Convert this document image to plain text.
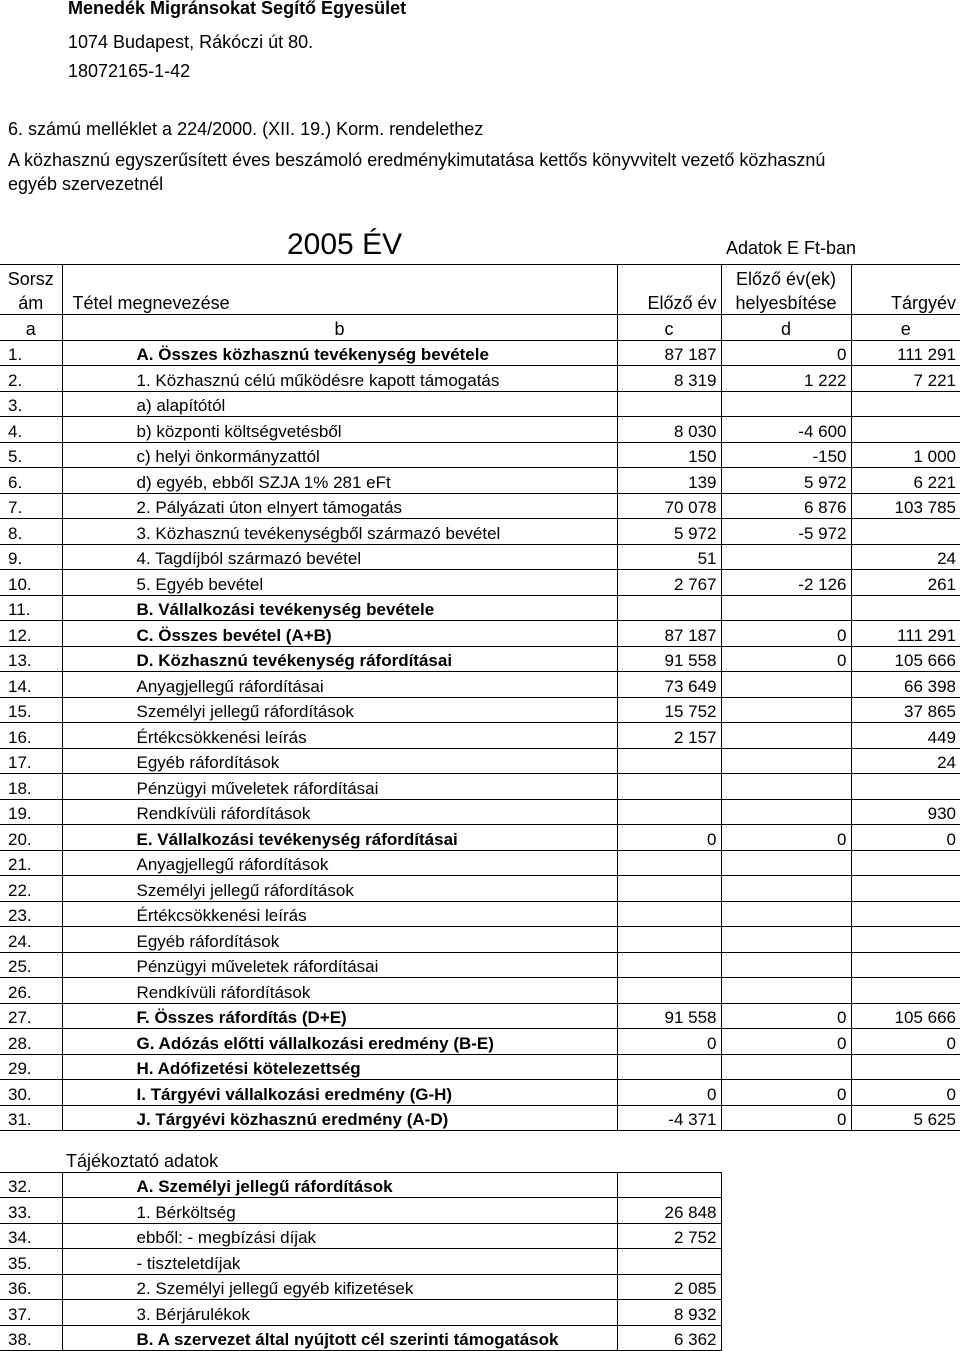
Menedék Migránsokat Segítő Egyesület
1074 Budapest, Rákóczi út 80.
18072165-1-42
6. számú melléklet a 224/2000. (XII. 19.) Korm. rendelethez
A közhasznú egyszerűsített éves beszámoló eredménykimutatása kettős könyvvitelt vezető közhasznú
egyéb szervezetnél
2005 ÉV	Adatok E Ft-ban
Sorsz			Előző év(ek)	
ám	Tétel megnevezése	Előző év	helyesbítése	Tárgyév
a	b	c	d	e
1.	A. Összes közhasznú tevékenység bevétele	87 187	0	111 291
2.	1. Közhasznú célú működésre kapott támogatás	8 319	1 222	7 221
3.	a) alapítótól			
4.	b) központi költségvetésből	8 030	-4 600	
5.	c) helyi önkormányzattól	150	-150	1 000
6.	d) egyéb, ebből SZJA 1% 281 eFt	139	5 972	6 221
7.	2. Pályázati úton elnyert támogatás	70 078	6 876	103 785
8.	3. Közhasznú tevékenységből származó bevétel	5 972	-5 972	
9.	4. Tagdíjból származó bevétel	51		24
10.	5. Egyéb bevétel	2 767	-2 126	261
11.	B. Vállalkozási tevékenység bevétele			
12.	C. Összes bevétel (A+B)	87 187	0	111 291
13.	D. Közhasznú tevékenység ráfordításai	91 558	0	105 666
14.	Anyagjellegű ráfordításai	73 649		66 398
15.	Személyi jellegű ráfordítások	15 752		37 865
16.	Értékcsökkenési leírás	2 157		449
17.	Egyéb ráfordítások			24
18.	Pénzügyi műveletek ráfordításai			
19.	Rendkívüli ráfordítások			930
20.	E. Vállalkozási tevékenység ráfordításai	0	0	0
21.	Anyagjellegű ráfordítások			
22.	Személyi jellegű ráfordítások			
23.	Értékcsökkenési leírás			
24.	Egyéb ráfordítások			
25.	Pénzügyi műveletek ráfordításai			
26.	Rendkívüli ráfordítások			
27.	F. Összes ráfordítás (D+E)	91 558	0	105 666
28.	G. Adózás előtti vállalkozási eredmény (B-E)	0	0	0
29.	H. Adófizetési kötelezettség			
30.	I. Tárgyévi vállalkozási eredmény (G-H)	0	0	0
31.	J. Tárgyévi közhasznú eredmény (A-D)	-4 371	0	5 625

	Tájékoztató adatok			
32.	A. Személyi jellegű ráfordítások			
33.	1. Bérköltség	26 848		
34.	ebből: - megbízási díjak	2 752		
35.	- tiszteletdíjak			
36.	2. Személyi jellegű egyéb kifizetések	2 085		
37.	3. Bérjárulékok	8 932		
38.	B. A szervezet által nyújtott cél szerinti támogatások	6 362		
